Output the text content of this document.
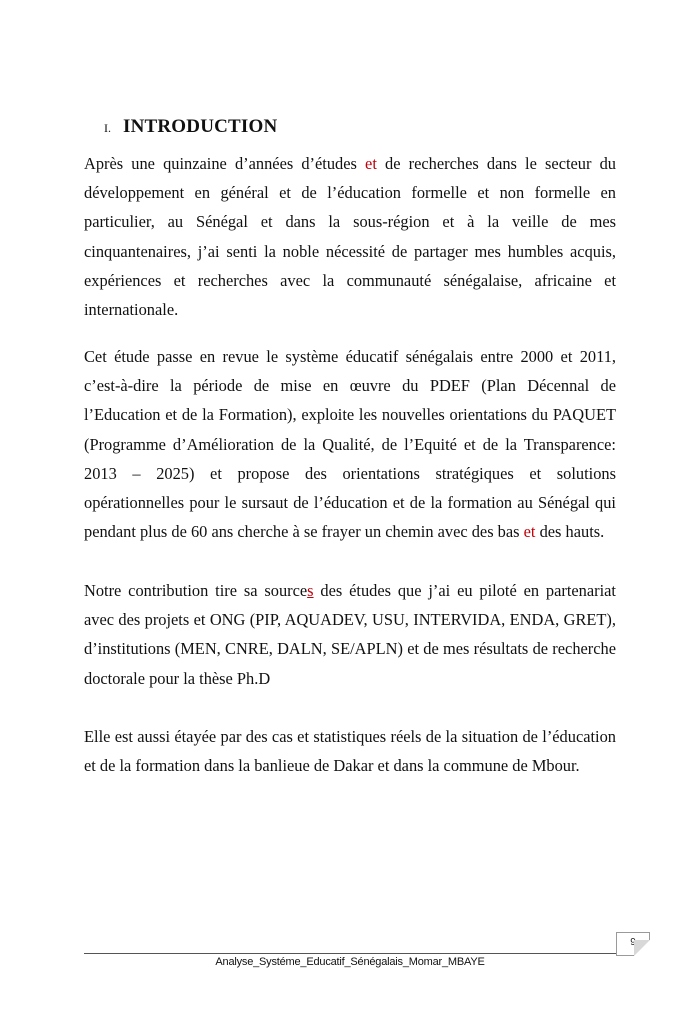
I. INTRODUCTION

Après une quinzaine d’années d’études et de recherches dans le secteur du développement en général et de l’éducation formelle et non formelle en particulier, au Sénégal et dans la sous-région et à la veille de mes cinquantenaires, j’ai senti la noble nécessité de partager mes humbles acquis, expériences et recherches avec la communauté sénégalaise, africaine et internationale.

Cet étude passe en revue le système éducatif sénégalais entre 2000 et 2011, c’est-à-dire la période de mise en œuvre du PDEF (Plan Décennal de l’Education et de la Formation), exploite les nouvelles orientations du PAQUET (Programme d’Amélioration de la Qualité, de l’Equité et de la Transparence: 2013 – 2025) et propose des orientations stratégiques et solutions opérationnelles pour le sursaut de l’éducation et de la formation au Sénégal qui pendant plus de 60 ans cherche à se frayer un chemin avec des bas et des hauts.

Notre contribution tire sa sources des études que j’ai eu piloté en partenariat avec des projets et ONG (PIP, AQUADEV, USU, INTERVIDA, ENDA, GRET), d’institutions (MEN, CNRE, DALN, SE/APLN) et de mes résultats de recherche doctorale pour la thèse Ph.D

Elle est aussi étayée par des cas et statistiques réels de la situation de l’éducation et de la formation dans la banlieue de Dakar et dans la commune de Mbour.

9
Analyse_Systéme_Educatif_Sénégalais_Momar_MBAYE
